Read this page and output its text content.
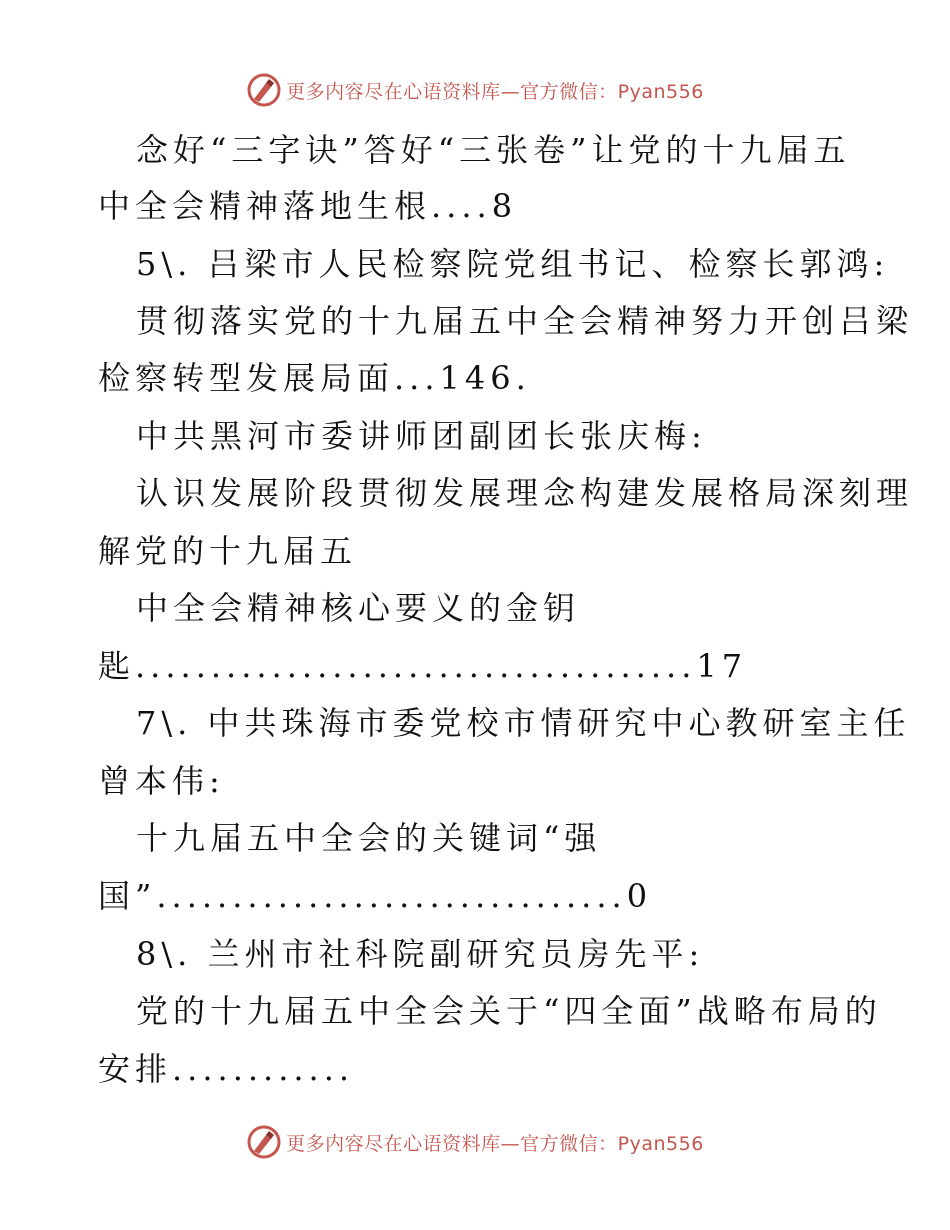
更多内容尽在心语资料库—官方微信：Pyan556
念好“三字诀”答好“三张卷”让党的十九届五
中全会精神落地生根....8
5\. 吕梁市人民检察院党组书记、检察长郭鸿:
贯彻落实党的十九届五中全会精神努力开创吕梁
检察转型发展局面...146.
中共黑河市委讲师团副团长张庆梅:
认识发展阶段贯彻发展理念构建发展格局深刻理
解党的十九届五
中全会精神核心要义的金钥
匙.....................................17
7\. 中共珠海市委党校市情研究中心教研室主任
曾本伟:
十九届五中全会的关键词“强
国”...............................0
8\. 兰州市社科院副研究员房先平:
党的十九届五中全会关于“四全面”战略布局的
安排............
更多内容尽在心语资料库—官方微信：Pyan556
